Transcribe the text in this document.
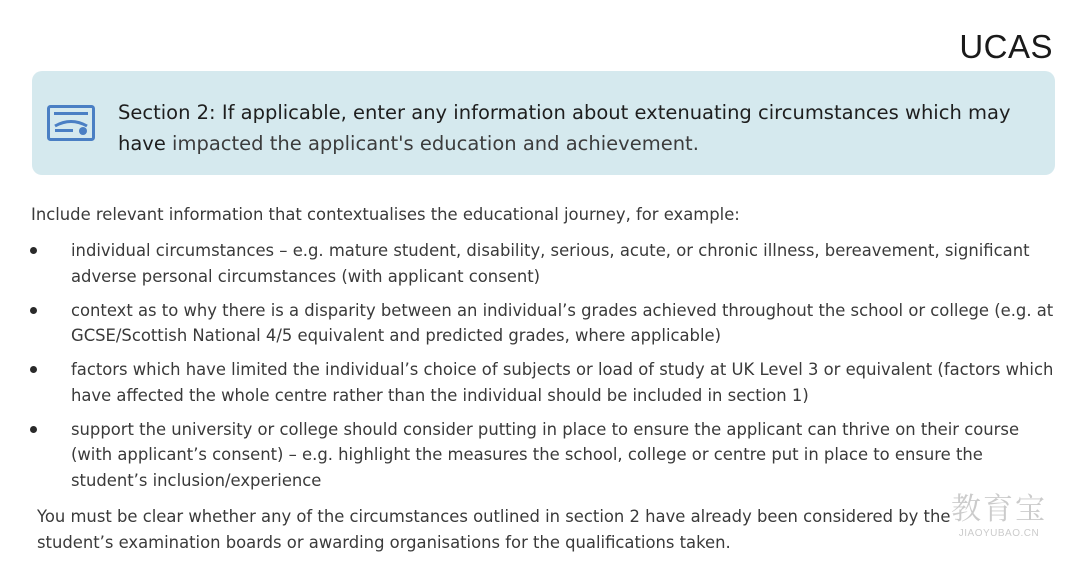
UCAS
Section 2: If applicable, enter any information about extenuating circumstances which may have impacted the applicant's education and achievement.
Include relevant information that contextualises the educational journey, for example:
individual circumstances – e.g. mature student, disability, serious, acute, or chronic illness, bereavement, significant adverse personal circumstances (with applicant consent)
context as to why there is a disparity between an individual’s grades achieved throughout the school or college (e.g. at GCSE/Scottish National 4/5 equivalent and predicted grades, where applicable)
factors which have limited the individual’s choice of subjects or load of study at UK Level 3 or equivalent (factors which have affected the whole centre rather than the individual should be included in section 1)
support the university or college should consider putting in place to ensure the applicant can thrive on their course (with applicant’s consent) – e.g. highlight the measures the school, college or centre put in place to ensure the student’s inclusion/experience
You must be clear whether any of the circumstances outlined in section 2 have already been considered by the student’s examination boards or awarding organisations for the qualifications taken.
教育宝
JIAOYUBAO.CN
